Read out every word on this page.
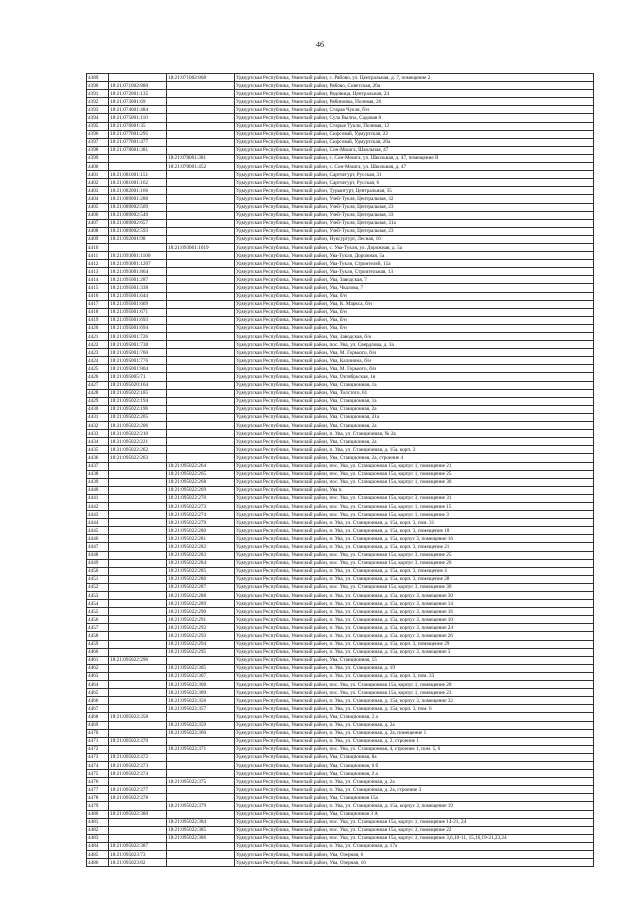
46
4389		18:21:071002:868	Удмуртская Республика, Увинский район, с. Рябово, ул. Центральная, д. 7, помещение 2
4390	18:21:071002:880		Удмуртская Республика, Увинский район, Рябово, Советская, 20а
4391	18:21:072001:135		Удмуртская Республика, Увинский район, Рядовица, Центральная, 24
4392	18:21:073001:69		Удмуртская Республика, Увинский район, Рябиновка, Полевая, 26
4393	18:21:074001:484		Удмуртская Республика, Увинский район, Старая Чукля, б/н
4394	18:21:075001:110		Удмуртская Республика, Увинский район, Сула Вылгы, Садовая 8
4395	18:21:076001:35		Удмуртская Республика, Увинский район, Старые Тукли, Полевая, 12
4396	18:21:077001:295		Удмуртская Республика, Увинский район, Сюрсовай, Удмуртская, 22
4397	18:21:077001:477		Удмуртская Республика, Увинский район, Сюрсовай, Удмуртская, 20а
4398	18:21:078001:381		Удмуртская Республика, Увинский район, Сон-Мошга, Школьная, 47
4399		18:21:078001:381	Удмуртская Республика, Увинский район, с. Сон-Мошга, ул. Школьная, д. 47, помещение II
4400		18:21:078001:452	Удмуртская Республика, Увинский район, с. Сон-Мошга, ул. Школьная, д. 47
4401	18:21:081001:151		Удмуртская Республика, Увинский район, Сартчегурт, Русская, 31
4402	18:21:081001:162		Удмуртская Республика, Увинский район, Сартчегурт, Русская, 6
4403	18:21:082001:166		Удмуртская Республика, Увинский район, Турынгурт, Центральная, 35
4404	18:21:089001:288		Удмуртская Республика, Увинский район, Узей-Тукля, Центральная, 32
4405	18:21:089002:509		Удмуртская Республика, Увинский район, Узей-Тукля, Центральная, 23
4406	18:21:089002:549		Удмуртская Республика, Увинский район, Узей-Тукля, Центральная, 33
4407	18:21:089002:657		Удмуртская Республика, Увинский район, Узей-Тукля, Центральная, 31а
4408	18:21:089002:593		Удмуртская Республика, Увинский район, Узей-Тукля, Центральная, 23
4409	18:21:092001:98		Удмуртская Республика, Увинский район, Нуксургурт, Лесная, 16
4410		18:21:093001:1019	Удмуртская Республика, Увинский район, с. Ува-Тукля, ул. Дорожная, д. 5а
4411	18:21:093001:1100		Удмуртская Республика, Увинский район, Ува-Тукля, Дорожная, 5а
4412	18:21:093001:1207		Удмуртская Республика, Увинский район, Ува-Тукля, Строителей, 15а
4413	18:21:093001:864		Удмуртская Республика, Увинский район, Ува-Тукля, Строительная, 13
4414	18:21:095001:287		Удмуртская Республика, Увинский район, Ува, Заводская, 7
4415	18:21:095001:338		Удмуртская Республика, Увинский район, Ува, Чкалова, 7
4416	18:21:095001:644		Удмуртская Республика, Увинский район, Ува, б/н
4417	18:21:095001:669		Удмуртская Республика, Увинский район, Ува, К. Маркса, б/н
4418	18:21:095001:671		Удмуртская Республика, Увинский район, Ува, б/н
4419	18:21:095001:693		Удмуртская Республика, Увинский район, Ува, б/н
4420	18:21:095001:694		Удмуртская Республика, Увинский район, Ува, б/н
4421	18:21:095001:726		Удмуртская Республика, Увинский район, Ува, Заводская, б/н
4422	18:21:095001:738		Удмуртская Республика, Увинский район, пос. Ува, ул. Свердлова, д. 3а
4423	18:21:095001:760		Удмуртская Республика, Увинский район, Ува, М. Горького, б/н
4424	18:21:095001:776		Удмуртская Республика, Увинский район, Ува, Калинина, б/н
4425	18:21:095001:804		Удмуртская Республика, Увинский район, Ува, М. Горького, б/н
4426	18:21:095005:71		Удмуртская Республика, Увинский район, Ува, Октябрьская, 1в
4427	18:21:095020:164		Удмуртская Республика, Увинский район, Ува, Станционная, 1а
4428	18:21:095022:185		Удмуртская Республика, Увинский район, Ува, Толстого, 61
4429	18:21:095022:194		Удмуртская Республика, Увинский район, Ува, Станционная, 1а
4430	18:21:095022:196		Удмуртская Республика, Увинский район, Ува, Станционная, 2а
4431	18:21:095022:205		Удмуртская Республика, Увинский район, Ува, Станционная, 21а
4432	18:21:095022:206		Удмуртская Республика, Увинский район, Ува, Станционная, 2а
4433	18:21:095022:210		Удмуртская Республика, Увинский район, п. Ува, ул. Станционная, № 2а
4434	18:21:095022:221		Удмуртская Республика, Увинский район, Ува, Станционная, 2а
4435	18:21:095022:262		Удмуртская Республика, Увинский район, п. Ува, ул. Станционная, д. 15а, корп. 3
4436	18:21:095022:263		Удмуртская Республика, Увинский район, Ува, Станционная, 2а, строение 4
4437		18:21:095022:264	Удмуртская Республика, Увинский район, пос. Ува, ул. Станционная 15а, корпус 1, помещение 21
4438		18:21:095022:265	Удмуртская Республика, Увинский район, пос. Ува, ул. Станционная 15а, корпус 1, помещение 25
4439		18:21:095022:268	Удмуртская Республика, Увинский район, пос. Ува, ул. Станционная 15а, корпус 1, помещение 30
4440		18:21:095022:269	Удмуртская Республика, Увинский район, Ува п.
4441		18:21:095022:270	Удмуртская Республика, Увинский район, пос. Ува, ул. Станционная 15а, корпус 3, помещение 31
4442		18:21:095022:273	Удмуртская Республика, Увинский район, пос. Ува, ул. Станционная 15а, корпус 1, помещение 15
4443		18:21:095022:274	Удмуртская Республика, Увинский район, пос. Ува, ул. Станционная 15а, корпус 1, помещение 3
4444		18:21:095022:279	Удмуртская Республика, Увинский район, п. Ува, ул. Станционная, д. 15а, корп. 3, пом. 31
4445		18:21:095022:280	Удмуртская Республика, Увинский район, п. Ува, ул. Станционная, д. 15а, корп. 3, помещение 18
4446		18:21:095022:281	Удмуртская Республика, Увинский район, п. Ува, ул. Станционная, д. 15а, корпус 3, помещение 16
4447		18:21:095022:282	Удмуртская Республика, Увинский район, п. Ува, ул. Станционная, д. 15а, корп. 3, помещение 21
4448		18:21:095022:283	Удмуртская Республика, Увинский район, пос. Ува, ул. Станционная 15а, корпус 3, помещение 25
4449		18:21:095022:284	Удмуртская Республика, Увинский район, пос. Ува, ул. Станционная 15а, корпус 3, помещение 26
4450		18:21:095022:285	Удмуртская Республика, Увинский район, п. Ува, ул. Станционная, д. 15а, корп. 3, помещение 4
4451		18:21:095022:286	Удмуртская Республика, Увинский район, п. Ува, ул. Станционная, д. 15а, корп. 3, помещение 28
4452		18:21:095022:287	Удмуртская Республика, Увинский район, пос. Ува, ул. Станционная 15а, корпус 3, помещение 30
4453		18:21:095022:288	Удмуртская Республика, Увинский район, п. Ува, ул. Станционная, д. 15а, корпус 3, помещение 30
4454		18:21:095022:289	Удмуртская Республика, Увинский район, п. Ува, ул. Станционная, д. 15а, корпус 3, помещение 14
4455		18:21:095022:290	Удмуртская Республика, Увинский район, п. Ува, ул. Станционная, д. 15а, корпус 3, помещение 16
4456		18:21:095022:291	Удмуртская Республика, Увинский район, п. Ува, ул. Станционная, д. 15а, корпус 3, помещение 10
4457		18:21:095022:292	Удмуртская Республика, Увинский район, п. Ува, ул. Станционная, д. 15а, корпус 3, помещение 24
4458		18:21:095022:293	Удмуртская Республика, Увинский район, п. Ува, ул. Станционная, д. 15а, корпус 3, помещение 26
4459		18:21:095022:294	Удмуртская Республика, Увинский район, п. Ува, ул. Станционная, д. 15а, корп. 3, помещение 29
4460		18:21:095022:295	Удмуртская Республика, Увинский район, п. Ува, ул. Станционная, д. 15а, корпус 3, помещение 3
4461	18:21:095022:296		Удмуртская Республика, Увинский район, Ува, Станционная, 15
4462		18:21:095022:305	Удмуртская Республика, Увинский район, п. Ува, ул. Станционная, д. 19
4463		18:21:095022:307	Удмуртская Республика, Увинский район, п. Ува, ул. Станционная, д. 15а, корп. 3, пом. 33
4464		18:21:095022:308	Удмуртская Республика, Увинский район, пос. Ува, ул. Станционная 15а, корпус 1, помещение 28
4465		18:21:095022:309	Удмуртская Республика, Увинский район, пос. Ува, ул. Станционная 15а, корпус 1, помещение 23
4466		18:21:095022:356	Удмуртская Республика, Увинский район, п. Ува, ул. Станционная, д. 15а, корпус 3, помещение 32
4467		18:21:095022:357	Удмуртская Республика, Увинский район, п. Ува, ул. Станционная, д. 15а, корп. 3, пом. 6
4468	18:21:095022:358		Удмуртская Республика, Увинский район, Ува, Станционная, 2 а
4469		18:21:095022:359	Удмуртская Республика, Увинский район, п. Ува, ул. Станционная, д. 2а
4470		18:21:095022:360	Удмуртская Республика, Увинский район, п. Ува, ул. Станционная, д. 2а, помещение 1
4471	18:21:095022:370		Удмуртская Республика, Увинский район, п. Ува, ул. Станционная, д. 2, строение 1
4472		18:21:095022:371	Удмуртская Республика, Увинский район, пос. Ува, ул. Станционная, 4, строение 1, пом. 5, 6
4473	18:21:095022:372		Удмуртская Республика, Увинский район, Ува, Станционная, 8а
4474	18:21:095022:373		Удмуртская Республика, Увинский район, Ува, Станционная, 6 б
4475	18:21:095022:374		Удмуртская Республика, Увинский район, Ува, Станционная, 2 а
4476		18:21:095022:375	Удмуртская Республика, Увинский район, п. Ува, ул. Станционная, д. 2а
4477	18:21:095022:377		Удмуртская Республика, Увинский район, п. Ува, ул. Станционная, д. 2а, строение 3
4478	18:21:095022:378		Удмуртская Республика, Увинский район, Ува, Станционная 15а
4479		18:21:095022:379	Удмуртская Республика, Увинский район, п. Ува, ул. Станционная, д. 15а, корпус 3, помещение 19
4480	18:21:095022:380		Удмуртская Республика, Увинский район, Ува, Станционная 3 А
4481		18:21:095022:384	Удмуртская Республика, Увинский район, пос. Ува, ул. Станционная 15а, корпус 1, помещение 14-21, 24
4482		18:21:095022:385	Удмуртская Республика, Увинский район, пос. Ува, ул. Станционная 15а, корпус 3, помещение 22
4483		18:21:095022:386	Удмуртская Республика, Увинский район, пос. Ува, ул. Станционная 15а, корпус 3, помещение 3,6,10-11, 15,16,19-21,23,24
4484	18:21:095022:387		Удмуртская Республика, Увинский район, п. Ува, ул. Станционная, д. 17а
4485	18:21:095023:73		Удмуртская Республика, Увинский район, Ува, Озерная, 6
4486	18:21:095023:82		Удмуртская Республика, Увинский район, Ува, Озерная, 16
